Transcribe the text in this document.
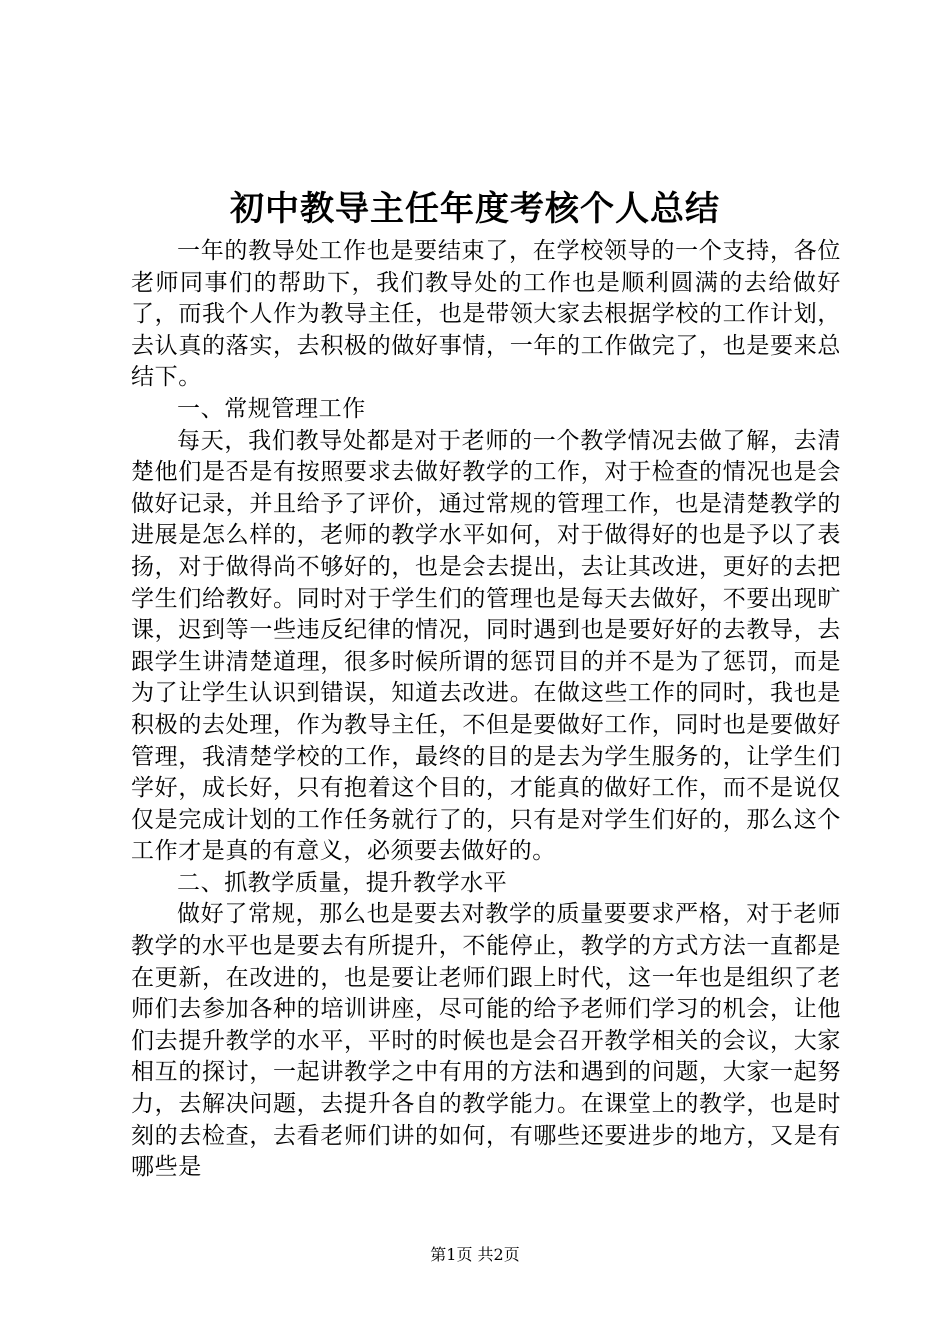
初中教导主任年度考核个人总结

一年的教导处工作也是要结束了，在学校领导的一个支持，各位老师同事们的帮助下，我们教导处的工作也是顺利圆满的去给做好了，而我个人作为教导主任，也是带领大家去根据学校的工作计划，去认真的落实，去积极的做好事情，一年的工作做完了，也是要来总结下。

一、常规管理工作

每天，我们教导处都是对于老师的一个教学情况去做了解，去清楚他们是否是有按照要求去做好教学的工作，对于检查的情况也是会做好记录，并且给予了评价，通过常规的管理工作，也是清楚教学的进展是怎么样的，老师的教学水平如何，对于做得好的也是予以了表扬，对于做得尚不够好的，也是会去提出，去让其改进，更好的去把学生们给教好。同时对于学生们的管理也是每天去做好，不要出现旷课，迟到等一些违反纪律的情况，同时遇到也是要好好的去教导，去跟学生讲清楚道理，很多时候所谓的惩罚目的并不是为了惩罚，而是为了让学生认识到错误，知道去改进。在做这些工作的同时，我也是积极的去处理，作为教导主任，不但是要做好工作，同时也是要做好管理，我清楚学校的工作，最终的目的是去为学生服务的，让学生们学好，成长好，只有抱着这个目的，才能真的做好工作，而不是说仅仅是完成计划的工作任务就行了的，只有是对学生们好的，那么这个工作才是真的有意义，必须要去做好的。

二、抓教学质量，提升教学水平

做好了常规，那么也是要去对教学的质量要要求严格，对于老师教学的水平也是要去有所提升，不能停止，教学的方式方法一直都是在更新，在改进的，也是要让老师们跟上时代，这一年也是组织了老师们去参加各种的培训讲座，尽可能的给予老师们学习的机会，让他们去提升教学的水平，平时的时候也是会召开教学相关的会议，大家相互的探讨，一起讲教学之中有用的方法和遇到的问题，大家一起努力，去解决问题，去提升各自的教学能力。在课堂上的教学，也是时刻的去检查，去看老师们讲的如何，有哪些还要进步的地方，又是有哪些是

第1页 共2页
